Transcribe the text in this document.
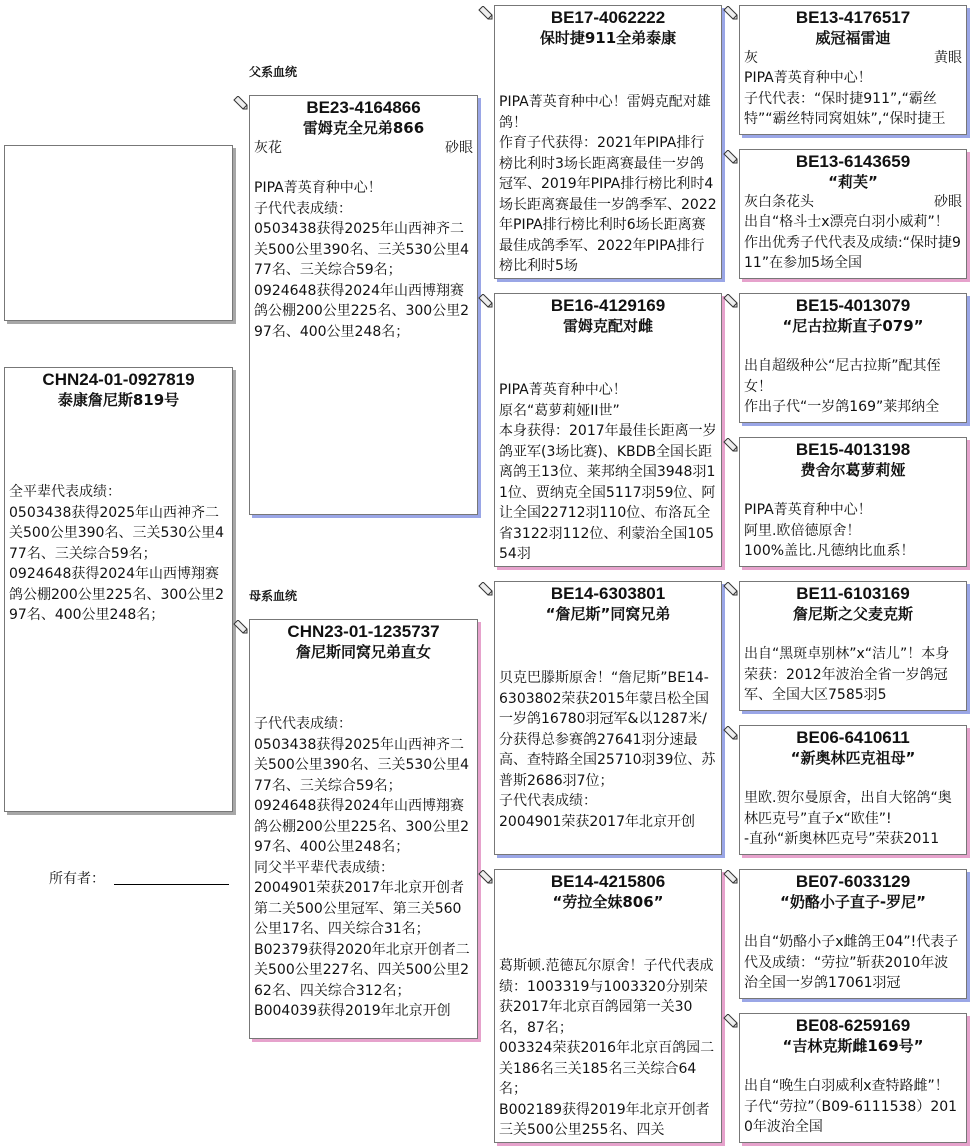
CHN24-01-0927819
泰康詹尼斯819号
全平辈代表成绩：
0503438获得2025年山西神齐二关500公里390名、三关530公里477名、三关综合59名；
0924648获得2024年山西博翔赛鸽公棚200公里225名、300公里297名、400公里248名；
所有者：
父系血统
母系血统
BE23-4164866
雷姆克全兄弟866
灰花	砂眼
PIPA菁英育种中心！
子代代表成绩：
0503438获得2025年山西神齐二关500公里390名、三关530公里477名、三关综合59名；
0924648获得2024年山西博翔赛鸽公棚200公里225名、300公里297名、400公里248名；
CHN23-01-1235737
詹尼斯同窝兄弟直女
子代代表成绩：
0503438获得2025年山西神齐二关500公里390名、三关530公里477名、三关综合59名；
0924648获得2024年山西博翔赛鸽公棚200公里225名、300公里297名、400公里248名；
同父半平辈代表成绩：
2004901荣获2017年北京开创者第二关500公里冠军、第三关560公里17名、四关综合31名；
B02379获得2020年北京开创者二关500公里227名、四关500公里262名、四关综合312名；
B004039获得2019年北京开创
BE17-4062222
保时捷911全弟泰康
PIPA菁英育种中心！雷姆克配对雄鸽！
作育子代获得：2021年PIPA排行榜比利时3场长距离赛最佳一岁鸽冠军、2019年PIPA排行榜比利时4场长距离赛最佳一岁鸽季军、2022年PIPA排行榜比利时6场长距离赛最佳成鸽季军、2022年PIPA排行榜比利时5场
BE16-4129169
雷姆克配对雌
PIPA菁英育种中心！
原名“葛萝莉娅II世”
本身获得：2017年最佳长距离一岁鸽亚军(3场比赛)、KBDB全国长距离鸽王13位、莱邦纳全国3948羽11位、贾纳克全国5117羽59位、阿让全国22712羽110位、布洛瓦全省3122羽112位、利蒙治全国10554羽
BE14-6303801
“詹尼斯”同窝兄弟
贝克巴滕斯原舍！“詹尼斯”BE14-6303802荣获2015年蒙吕松全国一岁鸽16780羽冠军&以1287米/分获得总参赛鸽27641羽分速最高、查特路全国25710羽39位、苏普斯2686羽7位；
子代代表成绩：
2004901荣获2017年北京开创
BE14-4215806
“劳拉全妹806”
葛斯顿.范德瓦尔原舍！子代代表成绩：1003319与1003320分别荣获2017年北京百鸽园第一关30名，87名；
003324荣获2016年北京百鸽园二关186名三关185名三关综合64名；
B002189获得2019年北京开创者三关500公里255名、四关
BE13-4176517
威冠福雷迪
灰	黄眼
PIPA菁英育种中心！
子代代表：“保时捷911”,“霸丝特”“霸丝特同窝姐妹”,“保时捷王
BE13-6143659
“莉芙”
灰白条花头	砂眼
出自“格斗士x漂亮白羽小威莉”！作出优秀子代代表及成绩:“保时捷911”在参加5场全国
BE15-4013079
“尼古拉斯直子079”
出自超级种公“尼古拉斯”配其侄女！
作出子代“一岁鸽169”莱邦纳全
BE15-4013198
费舍尔葛萝莉娅
PIPA菁英育种中心！
阿里.欧倍德原舍！
100%盖比.凡德纳比血系！
BE11-6103169
詹尼斯之父麦克斯
出自“黑斑卓别林”x“洁儿”！本身荣获：2012年波治全省一岁鸽冠军、全国大区7585羽5
BE06-6410611
“新奥林匹克祖母”
里欧.贺尔曼原舍，出自大铭鸽“奥林匹克号”直子x“欧佳”!
-直孙“新奥林匹克号”荣获2011
BE07-6033129
“奶酪小子直子-罗尼”
出自“奶酪小子x雌鸽王04”!代表子代及成绩：“劳拉”斩获2010年波治全国一岁鸽17061羽冠
BE08-6259169
“吉林克斯雌169号”
出自“晚生白羽威利x查特路雌”！子代“劳拉”（B09-6111538）2010年波治全国
